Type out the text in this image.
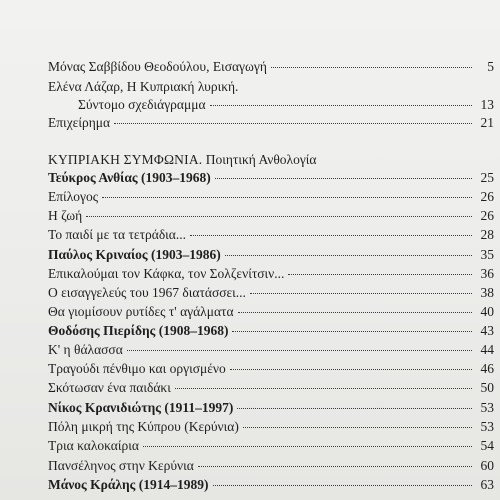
Μόνας Σαββίδου Θεοδούλου, Εισαγωγή	5
Ελένα Λάζαρ, Η Κυπριακή λυρική.
Σύντομο σχεδιάγραμμα	13
Επιχείρημα	21
ΚΥΠΡΙΑΚΗ ΣΥΜΦΩΝΙΑ. Ποιητική Ανθολογία
Τεύκρος Ανθίας (1903–1968)	25
Επίλογος	26
Η ζωή	26
Το παιδί με τα τετράδια...	28
Παύλος Κριναίος (1903–1986)	35
Επικαλούμαι τον Κάφκα, τον Σολζενίτσιν...	36
Ο εισαγγελεύς του 1967 διατάσσει...	38
Θα γιομίσουν ρυτίδες τ' αγάλματα	40
Θοδόσης Πιερίδης (1908–1968)	43
Κ' η θάλασσα	44
Τραγούδι πένθιμο και οργισμένο	46
Σκότωσαν ένα παιδάκι	50
Νίκος Κρανιδιώτης (1911–1997)	53
Πόλη μικρή της Κύπρου (Κερύνια)	53
Τρια καλοκαίρια	54
Πανσέληνος στην Κερύνια	60
Μάνος Κράλης (1914–1989)	63
